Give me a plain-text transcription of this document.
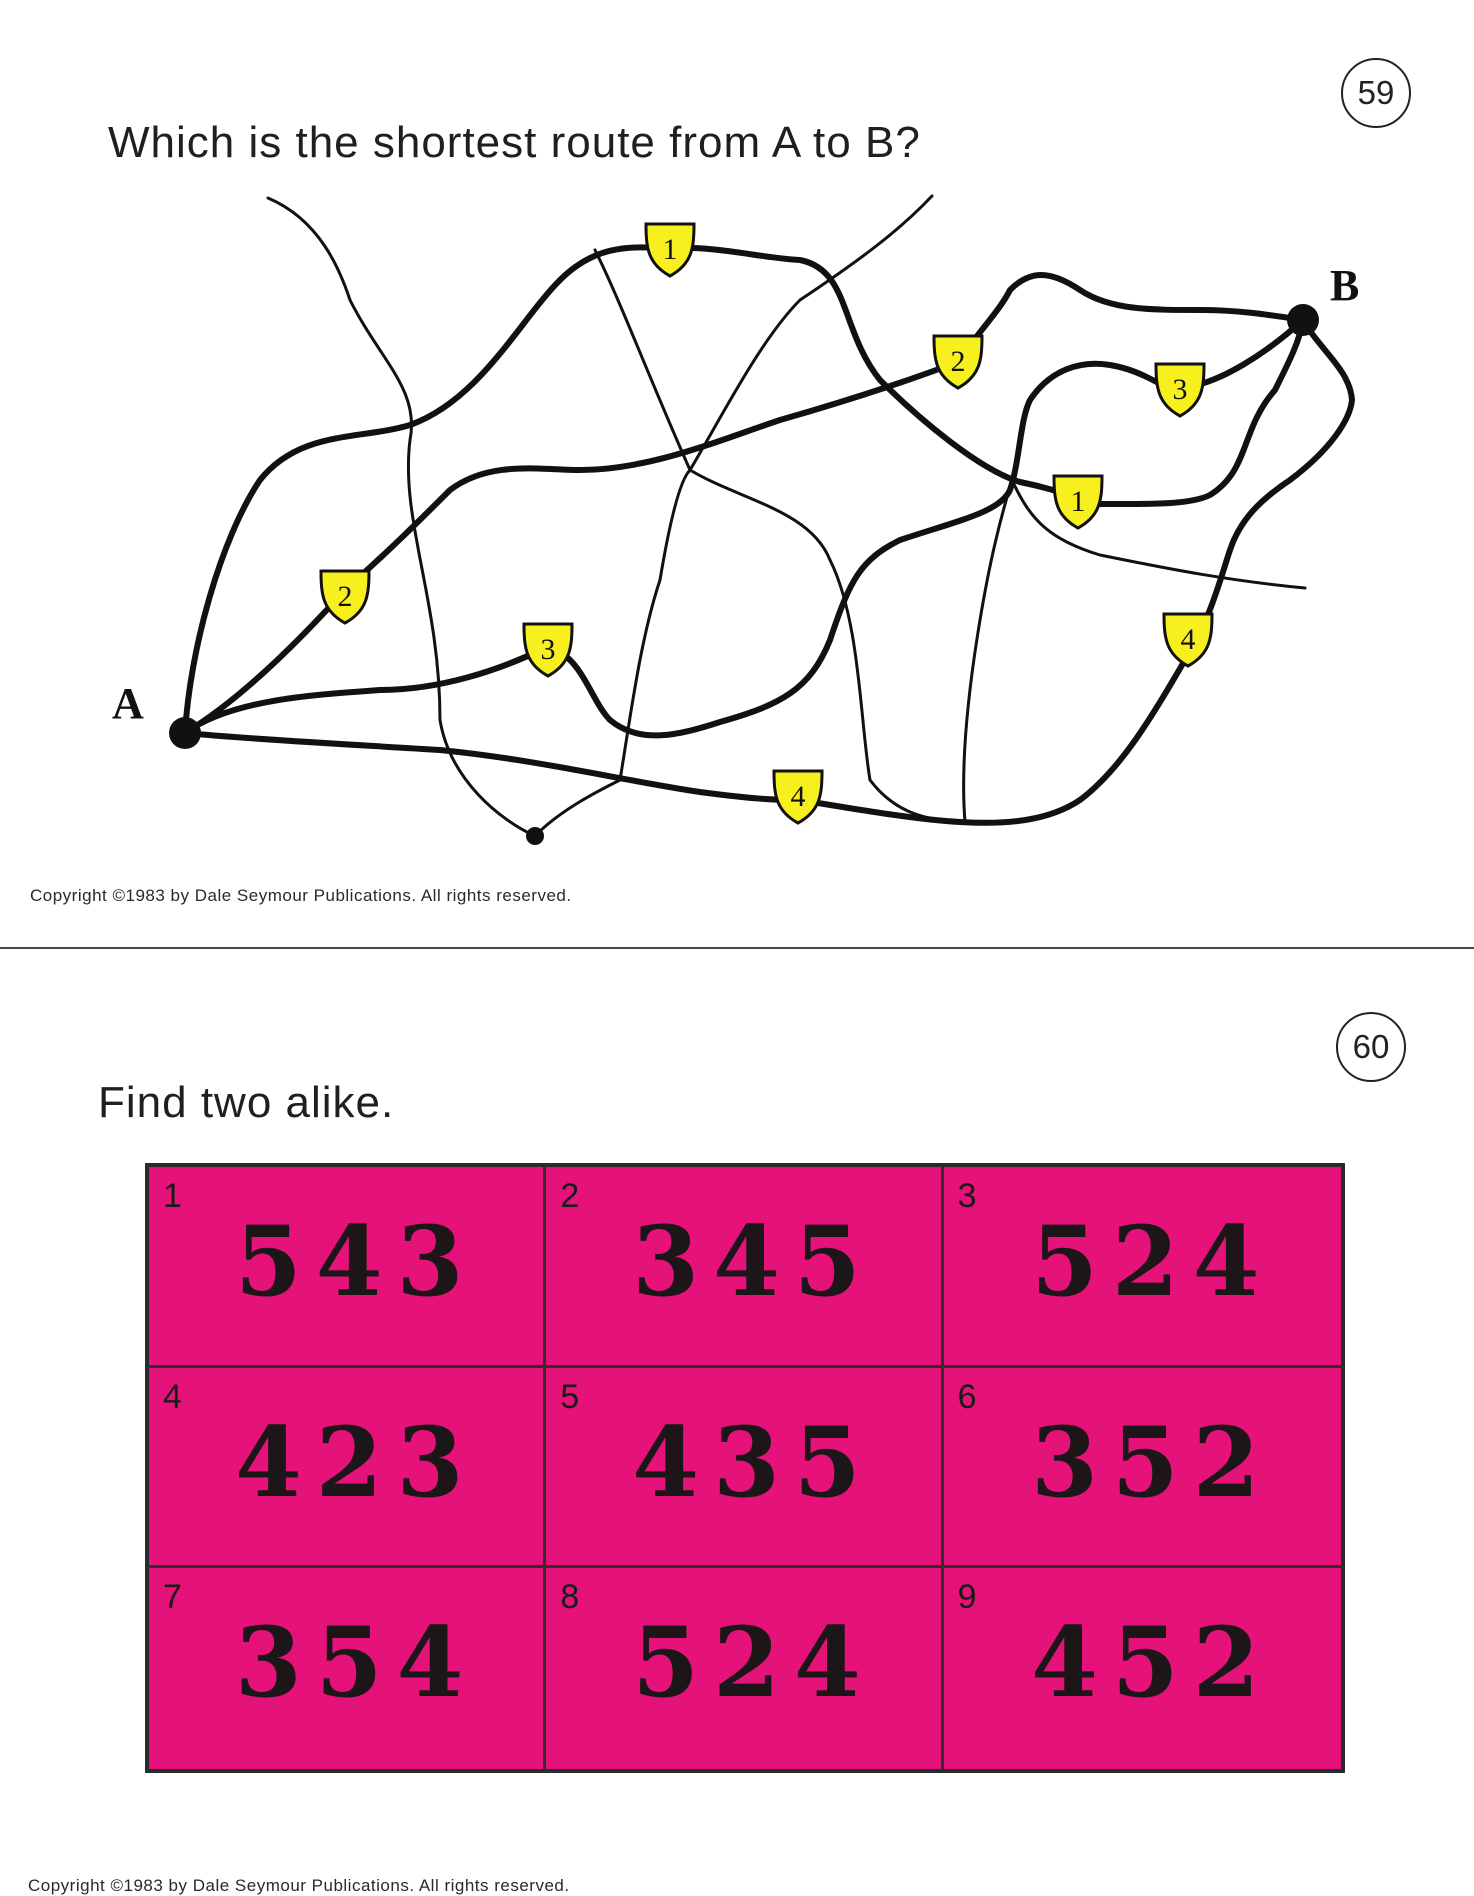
59
Which is the shortest route from A to B?
A
B
1
2
3
1
2
3	4
4
Copyright ©1983 by Dale Seymour Publications. All rights reserved.
60
Find two alike.
1
543
2
345
3
524
4
423
5
435
6
352
7
354
8
524
9
452
Copyright ©1983 by Dale Seymour Publications. All rights reserved.
